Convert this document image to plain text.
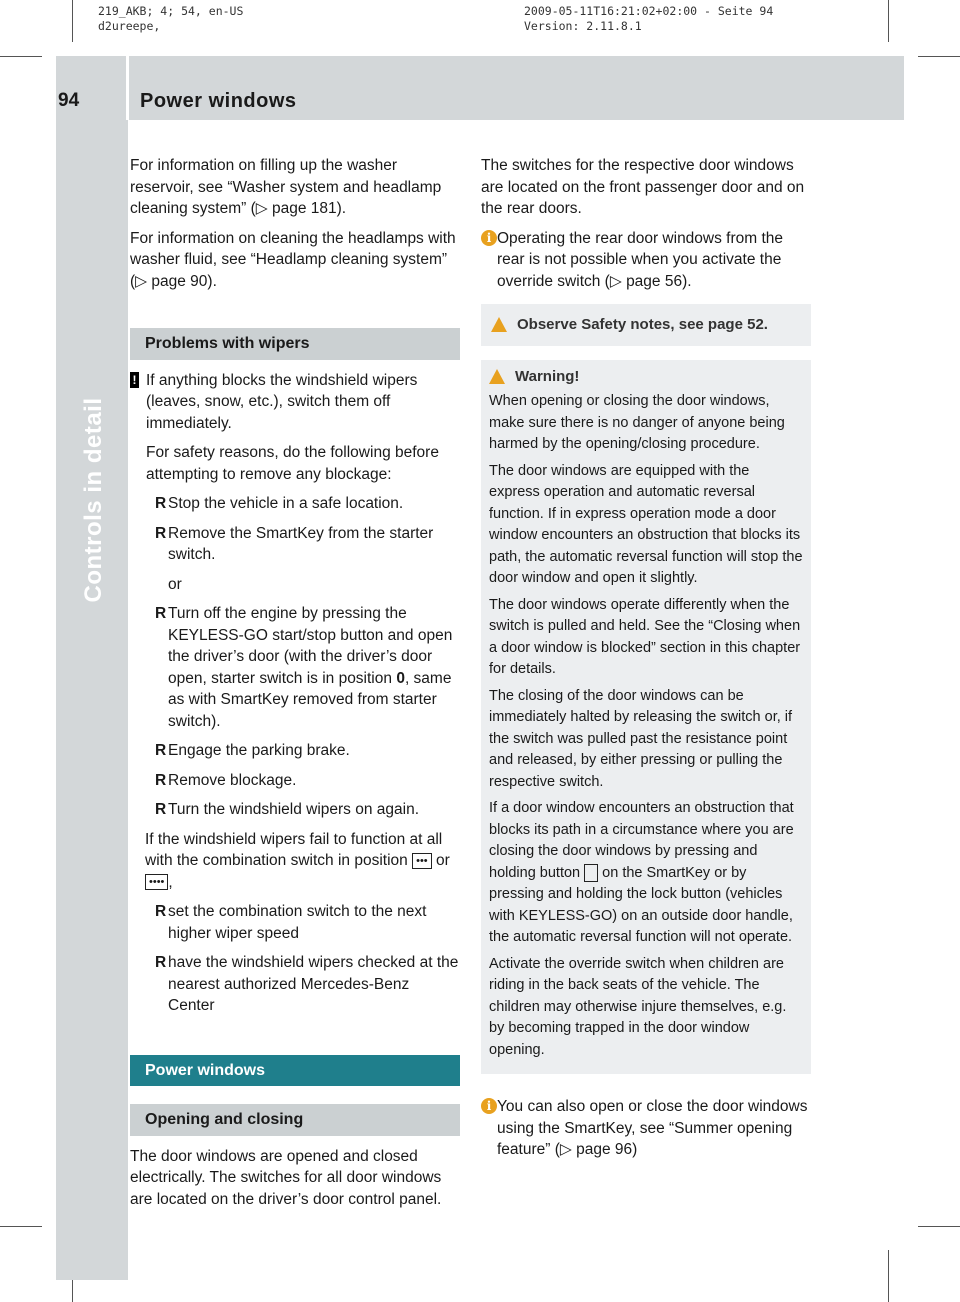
219_AKB; 4; 54, en-US
d2ureepe,
2009-05-11T16:21:02+02:00 - Seite 94
Version: 2.11.8.1
94	Power windows
Controls in detail

For information on filling up the washer reservoir, see “Washer system and headlamp cleaning system” (▷ page 181).

For information on cleaning the headlamps with washer fluid, see “Headlamp cleaning system” (▷ page 90).

Problems with wipers
! If anything blocks the windshield wipers (leaves, snow, etc.), switch them off immediately.

For safety reasons, do the following before attempting to remove any blockage:

R Stop the vehicle in a safe location.
R Remove the SmartKey from the starter switch.
or
R Turn off the engine by pressing the KEYLESS-GO start/stop button and open the driver’s door (with the driver’s door open, starter switch is in position 0, same as with SmartKey removed from starter switch).
R Engage the parking brake.
R Remove blockage.
R Turn the windshield wipers on again.

If the windshield wipers fail to function at all with the combination switch in position ••• or •••• ,

R set the combination switch to the next higher wiper speed
R have the windshield wipers checked at the nearest authorized Mercedes-Benz Center
Power windows
Opening and closing

The door windows are opened and closed electrically. The switches for all door windows are located on the driver’s door control panel.

The switches for the respective door windows are located on the front passenger door and on the rear doors.

i Operating the rear door windows from the rear is not possible when you activate the override switch (▷ page 56).
Observe Safety notes, see page 52.
Warning!

When opening or closing the door windows, make sure there is no danger of anyone being harmed by the opening/closing procedure.

The door windows are equipped with the express operation and automatic reversal function. If in express operation mode a door window encounters an obstruction that blocks its path, the automatic reversal function will stop the door window and open it slightly.

The door windows operate differently when the switch is pulled and held. See the “Closing when a door window is blocked” section in this chapter for details.

The closing of the door windows can be immediately halted by releasing the switch or, if the switch was pulled past the resistance point and released, by either pressing or pulling the respective switch.

If a door window encounters an obstruction that blocks its path in a circumstance where you are closing the door windows by pressing and holding button on the SmartKey or by pressing and holding the lock button (vehicles with KEYLESS-GO) on an outside door handle, the automatic reversal function will not operate.

Activate the override switch when children are riding in the back seats of the vehicle. The children may otherwise injure themselves, e.g. by becoming trapped in the door window opening.

i You can also open or close the door windows using the SmartKey, see “Summer opening feature” (▷ page 96)
